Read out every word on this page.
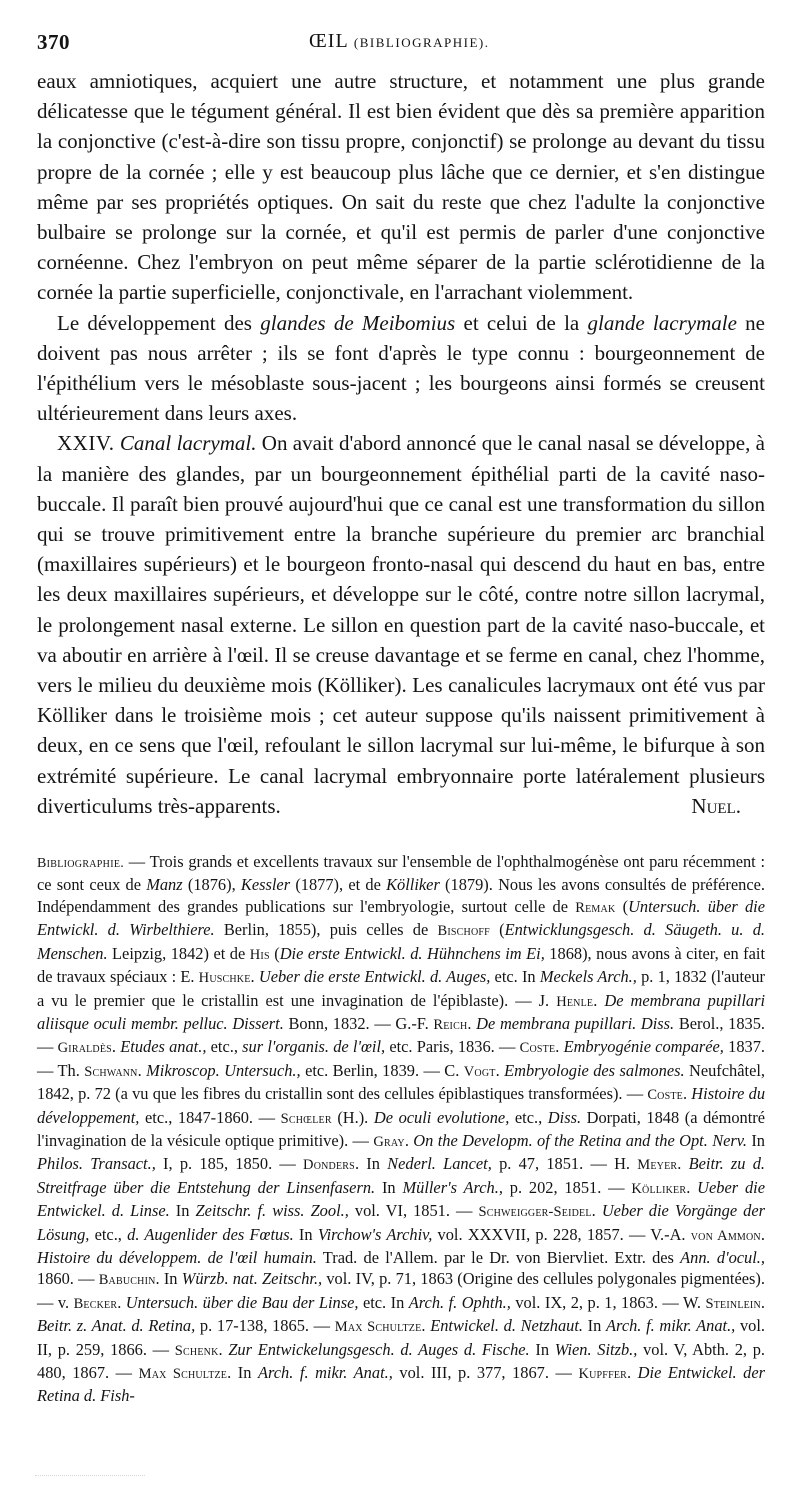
370	ŒIL (BIBLIOGRAPHIE).

eaux amniotiques, acquiert une autre structure, et notamment une plus grande délicatesse que le tégument général. Il est bien évident que dès sa première apparition la conjonctive (c'est-à-dire son tissu propre, conjonctif) se prolonge au devant du tissu propre de la cornée ; elle y est beaucoup plus lâche que ce dernier, et s'en distingue même par ses propriétés optiques. On sait du reste que chez l'adulte la conjonctive bulbaire se prolonge sur la cornée, et qu'il est permis de parler d'une conjonctive cornéenne. Chez l'embryon on peut même séparer de la partie sclérotidienne de la cornée la partie superficielle, conjonctivale, en l'arrachant violemment.

Le développement des glandes de Meibomius et celui de la glande lacrymale ne doivent pas nous arrêter ; ils se font d'après le type connu : bourgeonnement de l'épithélium vers le mésoblaste sous-jacent ; les bourgeons ainsi formés se creusent ultérieurement dans leurs axes.

XXIV. Canal lacrymal. On avait d'abord annoncé que le canal nasal se développe, à la manière des glandes, par un bourgeonnement épithélial parti de la cavité naso-buccale. Il paraît bien prouvé aujourd'hui que ce canal est une transformation du sillon qui se trouve primitivement entre la branche supérieure du premier arc branchial (maxillaires supérieurs) et le bourgeon fronto-nasal qui descend du haut en bas, entre les deux maxillaires supérieurs, et développe sur le côté, contre notre sillon lacrymal, le prolongement nasal externe. Le sillon en question part de la cavité naso-buccale, et va aboutir en arrière à l'œil. Il se creuse davantage et se ferme en canal, chez l'homme, vers le milieu du deuxième mois (Kölliker). Les canalicules lacrymaux ont été vus par Kölliker dans le troisième mois ; cet auteur suppose qu'ils naissent primitivement à deux, en ce sens que l'œil, refoulant le sillon lacrymal sur lui-même, le bifurque à son extrémité supérieure. Le canal lacrymal embryonnaire porte latéralement plusieurs diverticulums très-apparents.	Nuel.

Bibliographie. — Trois grands et excellents travaux sur l'ensemble de l'ophthalmogénèse ont paru récemment : ce sont ceux de Manz (1876), Kessler (1877), et de Kölliker (1879). Nous les avons consultés de préférence. Indépendamment des grandes publications sur l'embryologie, surtout celle de Remak (Untersuch. über die Entwickl. d. Wirbelthiere. Berlin, 1855), puis celles de Bischoff (Entwicklungsgesch. d. Säugeth. u. d. Menschen. Leipzig, 1842) et de His (Die erste Entwickl. d. Hühnchens im Ei, 1868), nous avons à citer, en fait de travaux spéciaux : E. Huschke. Ueber die erste Entwickl. d. Auges, etc. In Meckels Arch., p. 1, 1832 (l'auteur a vu le premier que le cristallin est une invagination de l'épiblaste). — J. Henle. De membrana pupillari aliisque oculi membr. pelluc. Dissert. Bonn, 1832. — G.-F. Reich. De membrana pupillari. Diss. Berol., 1835. — Giraldès. Etudes anat., etc., sur l'organis. de l'œil, etc. Paris, 1836. — Coste. Embryogénie comparée, 1837. — Th. Schwann. Mikroscop. Untersuch., etc. Berlin, 1839. — C. Vogt. Embryologie des salmones. Neufchâtel, 1842, p. 72 (a vu que les fibres du cristallin sont des cellules épiblastiques transformées). — Coste. Histoire du développement, etc., 1847-1860. — Schœler (H.). De oculi evolutione, etc., Diss. Dorpati, 1848 (a démontré l'invagination de la vésicule optique primitive). — Gray. On the Developm. of the Retina and the Opt. Nerv. In Philos. Transact., I, p. 185, 1850. — Donders. In Nederl. Lancet, p. 47, 1851. — H. Meyer. Beitr. zu d. Streitfrage über die Entstehung der Linsenfasern. In Müller's Arch., p. 202, 1851. — Kölliker. Ueber die Entwickel. d. Linse. In Zeitschr. f. wiss. Zool., vol. VI, 1851. — Schweigger-Seidel. Ueber die Vorgänge der Lösung, etc., d. Augenlider des Fœtus. In Virchow's Archiv, vol. XXXVII, p. 228, 1857. — V.-A. von Ammon. Histoire du développem. de l'œil humain. Trad. de l'Allem. par le Dr. von Biervliet. Extr. des Ann. d'ocul., 1860. — Babuchin. In Würzb. nat. Zeitschr., vol. IV, p. 71, 1863 (Origine des cellules polygonales pigmentées). — v. Becker. Untersuch. über die Bau der Linse, etc. In Arch. f. Ophth., vol. IX, 2, p. 1, 1863. — W. Steinlein. Beitr. z. Anat. d. Retina, p. 17-138, 1865. — Max Schultze. Entwickel. d. Netzhaut. In Arch. f. mikr. Anat., vol. II, p. 259, 1866. — Schenk. Zur Entwickelungsgesch. d. Auges d. Fische. In Wien. Sitzb., vol. V, Abth. 2, p. 480, 1867. — Max Schultze. In Arch. f. mikr. Anat., vol. III, p. 377, 1867. — Kupffer. Die Entwickel. der Retina d. Fish-
